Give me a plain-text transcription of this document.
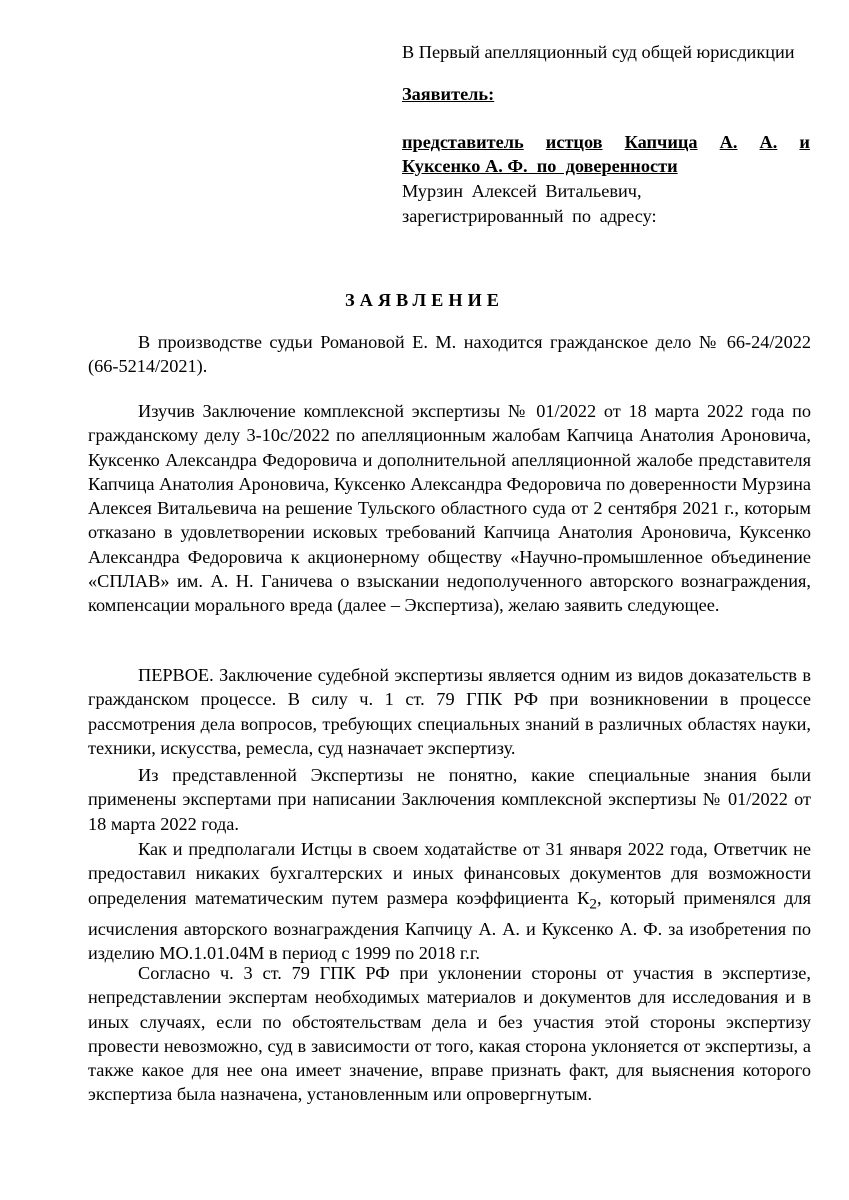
В Первый апелляционный суд общей юрисдикции

Заявитель:

представитель истцов Капчица А. А. и
Куксенко А. Ф.  по  доверенности
Мурзин Алексей Витальевич,
зарегистрированный по адресу:

ЗАЯВЛЕНИЕ

В производстве судьи Романовой Е. М. находится гражданское дело № 66-24/2022 (66-5214/2021).

Изучив Заключение комплексной экспертизы № 01/2022 от 18 марта 2022 года по гражданскому делу 3-10с/2022 по апелляционным жалобам Капчица Анатолия Ароновича, Куксенко Александра Федоровича и дополнительной апелляционной жалобе представителя Капчица Анатолия Ароновича, Куксенко Александра Федоровича по доверенности Мурзина Алексея Витальевича на решение Тульского областного суда от 2 сентября 2021 г., которым отказано в удовлетворении исковых требований Капчица Анатолия Ароновича, Куксенко Александра Федоровича к акционерному обществу «Научно-промышленное объединение «СПЛАВ» им. А. Н. Ганичева о взыскании недополученного авторского вознаграждения, компенсации морального вреда (далее – Экспертиза), желаю заявить следующее.

ПЕРВОЕ. Заключение судебной экспертизы является одним из видов доказательств в гражданском процессе. В силу ч. 1 ст. 79 ГПК РФ при возникновении в процессе рассмотрения дела вопросов, требующих специальных знаний в различных областях науки, техники, искусства, ремесла, суд назначает экспертизу.

Из представленной Экспертизы не понятно, какие специальные знания были применены экспертами при написании Заключения комплексной экспертизы № 01/2022 от 18 марта 2022 года.

Как и предполагали Истцы в своем ходатайстве от 31 января 2022 года, Ответчик не предоставил никаких бухгалтерских и иных финансовых документов для возможности определения математическим путем размера коэффициента $К_2$, который применялся для исчисления авторского вознаграждения Капчицу А. А. и Куксенко А. Ф. за изобретения по изделию МО.1.01.04М в период с 1999 по 2018 г.г.

Согласно ч. 3 ст. 79 ГПК РФ при уклонении стороны от участия в экспертизе, непредставлении экспертам необходимых материалов и документов для исследования и в иных случаях, если по обстоятельствам дела и без участия этой стороны экспертизу провести невозможно, суд в зависимости от того, какая сторона уклоняется от экспертизы, а также какое для нее она имеет значение, вправе признать факт, для выяснения которого экспертиза была назначена, установленным или опровергнутым.
